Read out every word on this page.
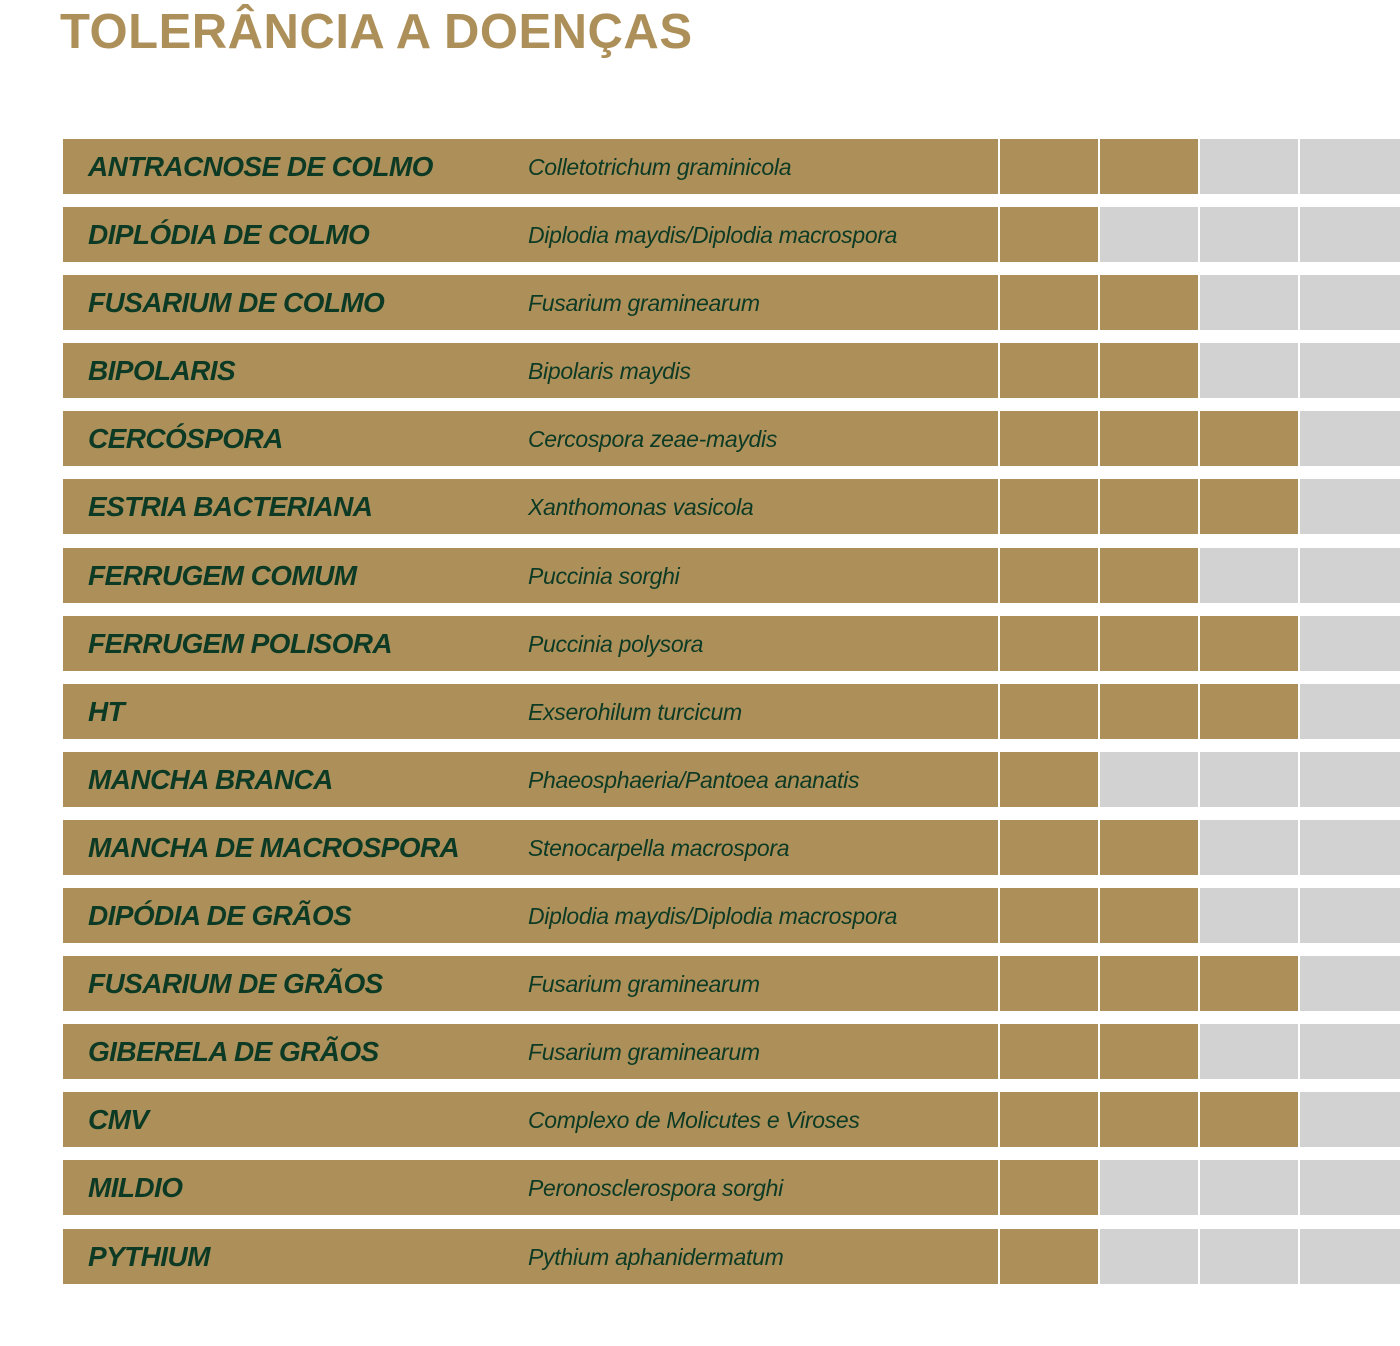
TOLERÂNCIA A DOENÇAS
ANTRACNOSE DE COLMO	Colletotrichum graminicola
DIPLÓDIA DE COLMO	Diplodia maydis/Diplodia macrospora
FUSARIUM DE COLMO	Fusarium graminearum
BIPOLARIS	Bipolaris maydis
CERCÓSPORA	Cercospora zeae-maydis
ESTRIA BACTERIANA	Xanthomonas vasicola
FERRUGEM COMUM	Puccinia sorghi
FERRUGEM POLISORA	Puccinia polysora
HT	Exserohilum turcicum
MANCHA BRANCA	Phaeosphaeria/Pantoea ananatis
MANCHA DE MACROSPORA	Stenocarpella macrospora
DIPÓDIA DE GRÃOS	Diplodia maydis/Diplodia macrospora
FUSARIUM DE GRÃOS	Fusarium graminearum
GIBERELA DE GRÃOS	Fusarium graminearum
CMV	Complexo de Molicutes e Viroses
MILDIO	Peronosclerospora sorghi
PYTHIUM	Pythium aphanidermatum
